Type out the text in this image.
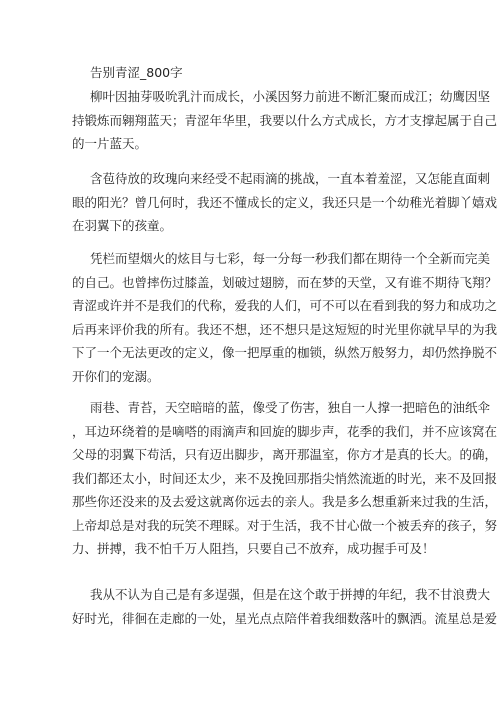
告别青涩_800字
柳叶因抽芽吸吮乳汁而成长，小溪因努力前进不断汇聚而成江；幼鹰因坚
持锻炼而翱翔蓝天；青涩年华里，我要以什么方式成长，方才支撑起属于自己
的一片蓝天。
含苞待放的玫瑰向来经受不起雨滴的挑战，一直本着羞涩，又怎能直面刺
眼的阳光？曾几何时，我还不懂成长的定义，我还只是一个幼稚光着脚丫嬉戏
在羽翼下的孩童。
凭栏而望烟火的炫目与七彩，每一分每一秒我们都在期待一个全新而完美
的自己。也曾摔伤过膝盖，划破过翅膀，而在梦的天堂，又有谁不期待飞翔？
青涩或许并不是我们的代称，爱我的人们，可不可以在看到我的努力和成功之
后再来评价我的所有。我还不想，还不想只是这短短的时光里你就早早的为我
下了一个无法更改的定义，像一把厚重的枷锁，纵然万般努力，却仍然挣脱不
开你们的宠溺。
雨巷、青苔，天空暗暗的蓝，像受了伤害，独自一人撑一把暗色的油纸伞
，耳边环绕着的是嘀嗒的雨滴声和回旋的脚步声，花季的我们，并不应该窝在
父母的羽翼下苟活，只有迈出脚步，离开那温室，你方才是真的长大。的确，
我们都还太小，时间还太少，来不及挽回那指尖悄然流逝的时光，来不及回报
那些你还没来的及去爱这就离你远去的亲人。我是多么想重新来过我的生活，
上帝却总是对我的玩笑不理睬。对于生活，我不甘心做一个被丢弃的孩子，努
力、拼搏，我不怕千万人阻挡，只要自己不放弃，成功握手可及！
我从不认为自己是有多逞强，但是在这个敢于拼搏的年纪，我不甘浪费大
好时光，徘徊在走廊的一处，星光点点陪伴着我细数落叶的飘洒。流星总是爱
